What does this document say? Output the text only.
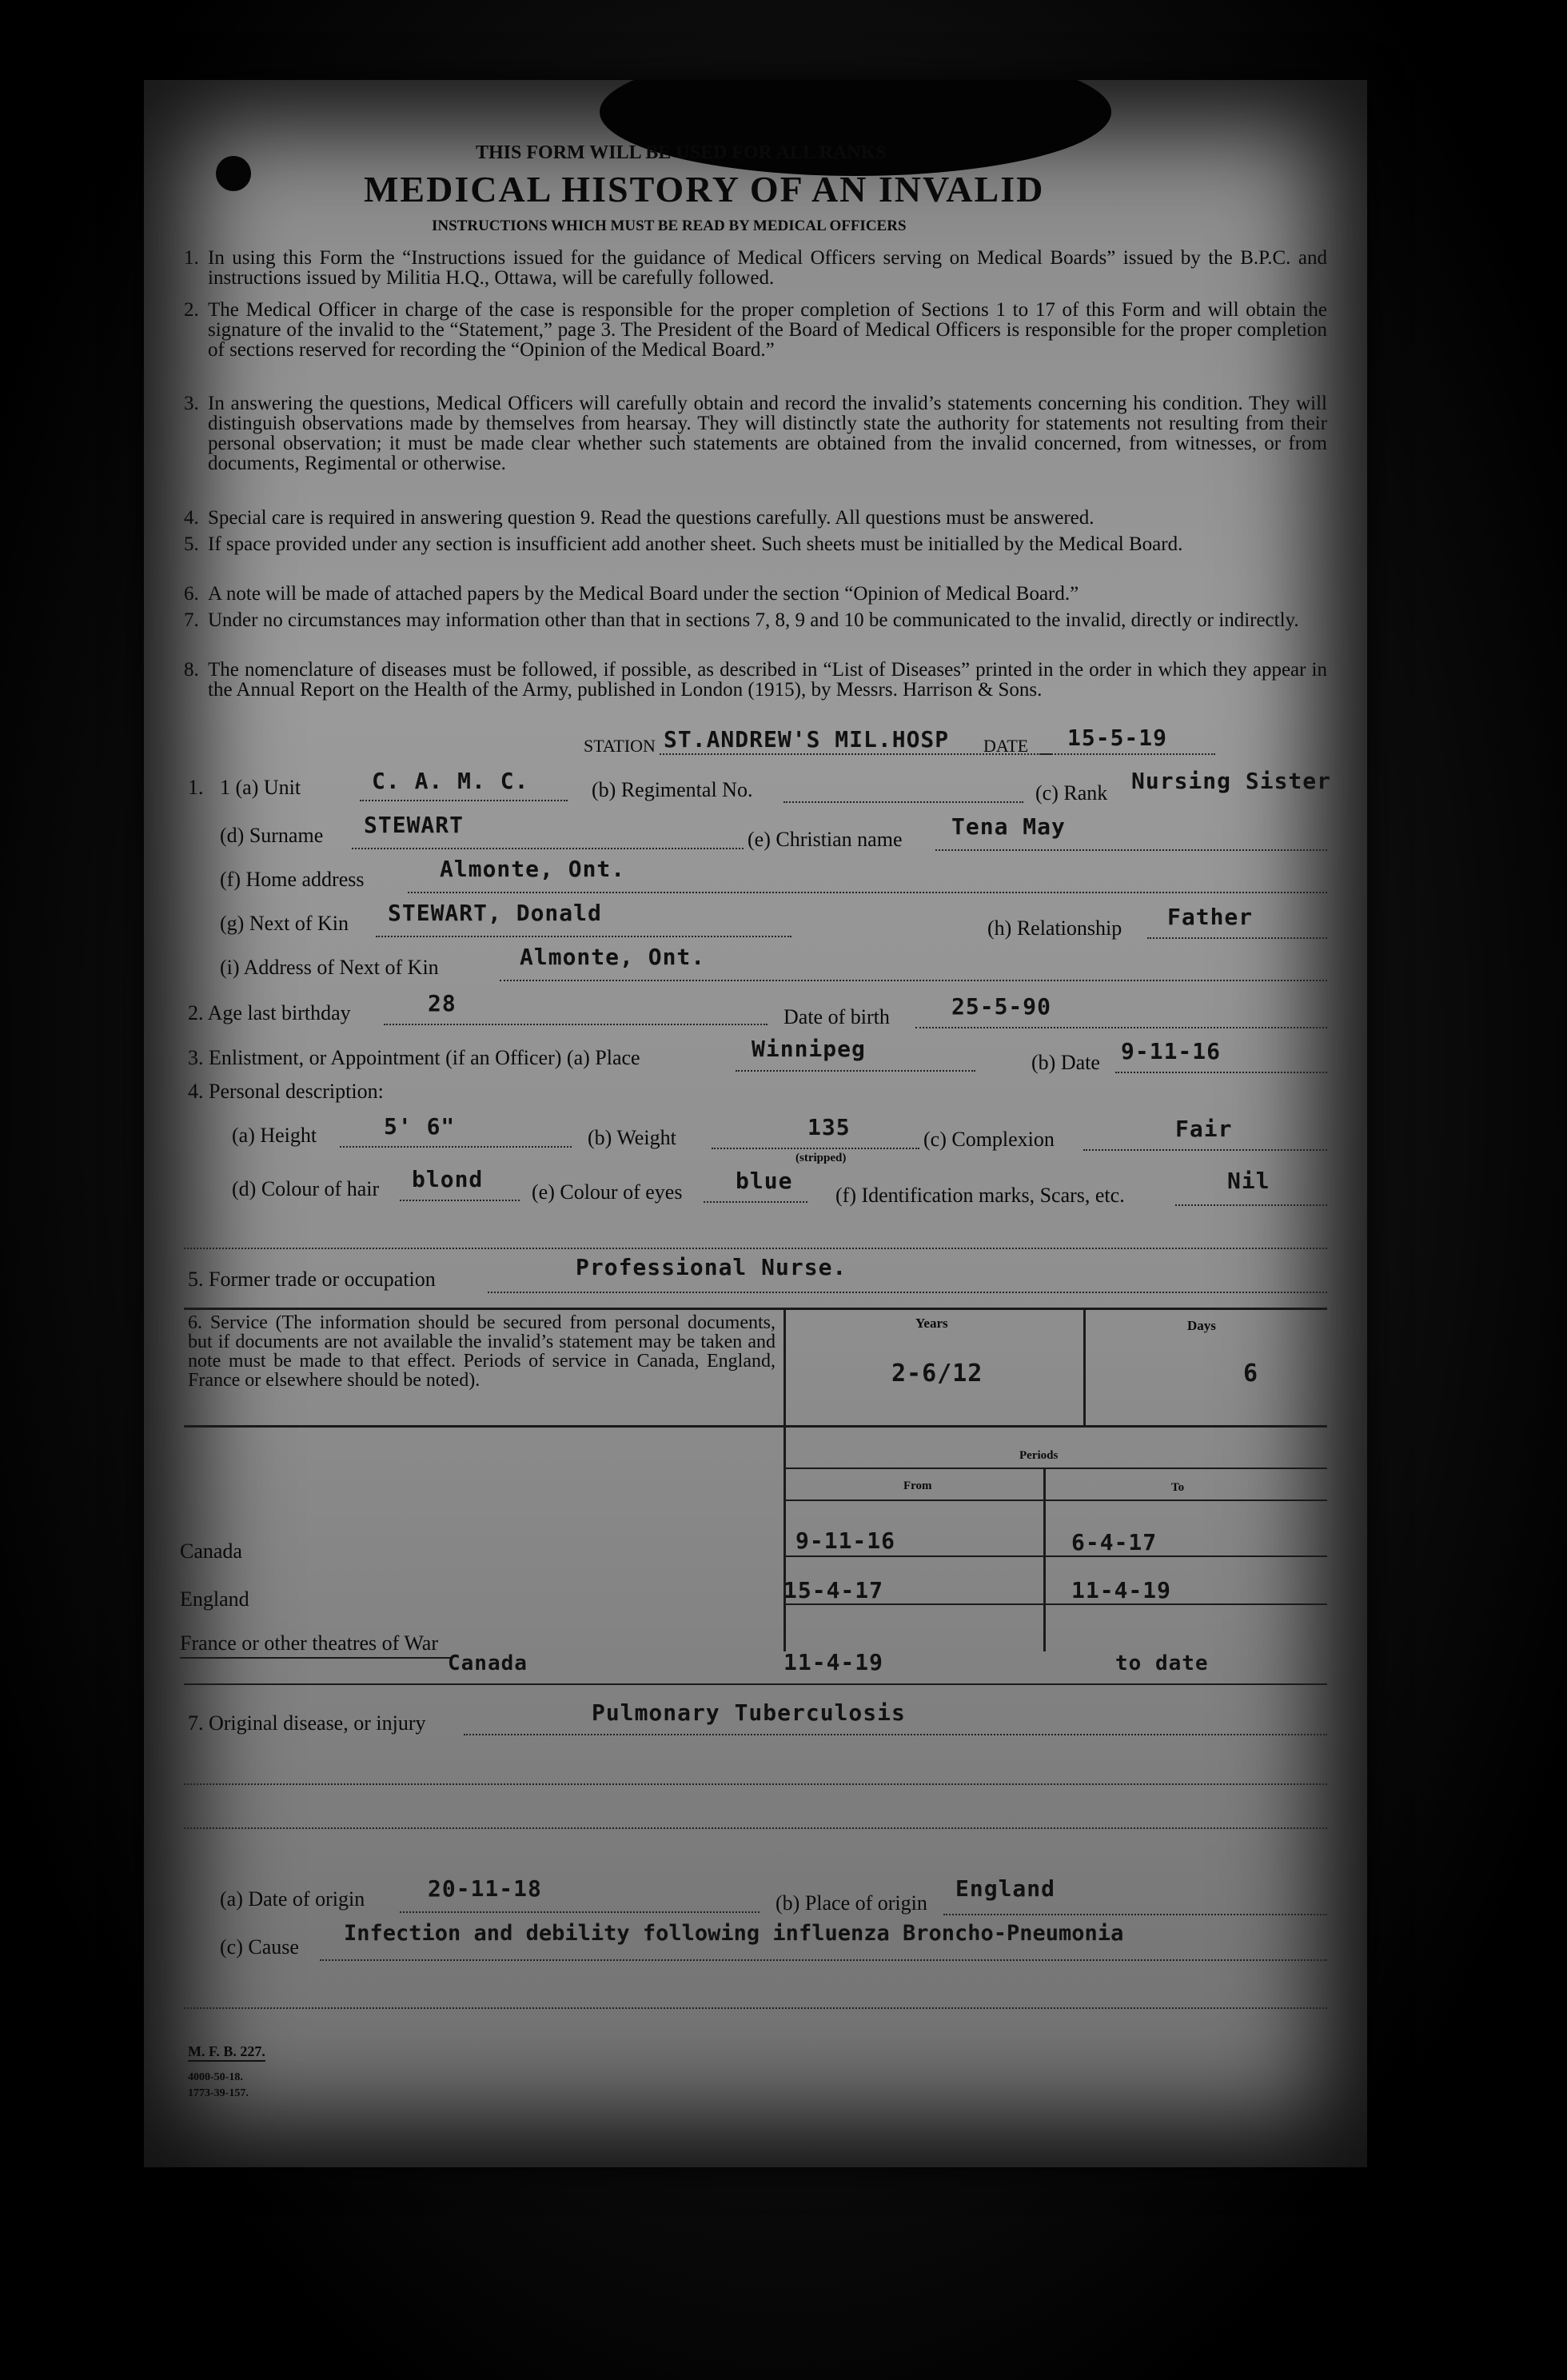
THIS FORM WILL BE USED FOR ALL RANKS
MEDICAL HISTORY OF AN INVALID
INSTRUCTIONS WHICH MUST BE READ BY MEDICAL OFFICERS
1. In using this Form the “Instructions issued for the guidance of Medical Officers serving on Medical Boards” issued by the B.P.C. and instructions issued by Militia H.Q., Ottawa, will be carefully followed.
2. The Medical Officer in charge of the case is responsible for the proper completion of Sections 1 to 17 of this Form and will obtain the signature of the invalid to the “Statement,” page 3. The President of the Board of Medical Officers is responsible for the proper completion of sections reserved for recording the “Opinion of the Medical Board.”
3. In answering the questions, Medical Officers will carefully obtain and record the invalid’s statements concerning his condition. They will distinguish observations made by themselves from hearsay. They will distinctly state the authority for statements not resulting from their personal observation; it must be made clear whether such statements are obtained from the invalid concerned, from witnesses, or from documents, Regimental or otherwise.
4. Special care is required in answering question 9. Read the questions carefully. All questions must be answered.
5. If space provided under any section is insufficient add another sheet. Such sheets must be initialled by the Medical Board.
6. A note will be made of attached papers by the Medical Board under the section “Opinion of Medical Board.”
7. Under no circumstances may information other than that in sections 7, 8, 9 and 10 be communicated to the invalid, directly or indirectly.
8. The nomenclature of diseases must be followed, if possible, as described in “List of Diseases” printed in the order in which they appear in the Annual Report on the Health of the Army, published in London (1915), by Messrs. Harrison & Sons.
STATION ST.ANDREW'S MIL.HOSP DATE 15-5-19
1. 1 (a) Unit	C. A. M. C.	(b) Regimental No.	(c) Rank Nursing Sister
(d) Surname STEWART
(e) Christian name Tena May
(f) Home address	Almonte, Ont.
(g) Next of Kin STEWART, Donald
(h) Relationship Father
(i) Address of Next of Kin	Almonte, Ont.
2. Age last birthday	28
Date of birth	25-5-90
3. Enlistment, or Appointment (if an Officer) (a) Place	Winnipeg
(b) Date 9-11-16
4. Personal description:
(a) Height	5' 6"	(b) Weight	135
(stripped)
(c) Complexion	Fair
(d) Colour of hair blond (e) Colour of eyes blue
(f) Identification marks, Scars, etc.
Nil
5. Former trade or occupation	Professional Nurse.
6. Service (The information should be secured from personal documents, but if documents are not available the invalid’s statement may be taken and note must be made to that effect. Periods of service in Canada, England, France or elsewhere should be noted).
Years	Days
2-6/12	6
Periods
From	To
Canada	9-11-16	6-4-17
England	15-4-17	11-4-19
France or other theatres of War
Canada	11-4-19	to date
7. Original disease, or injury	Pulmonary Tuberculosis
(a) Date of origin	20-11-18
(b) Place of origin
England
(c) Cause
Infection and debility following influenza Broncho-Pneumonia
M. F. B. 227.
4000-50-18.
1773-39-157.
